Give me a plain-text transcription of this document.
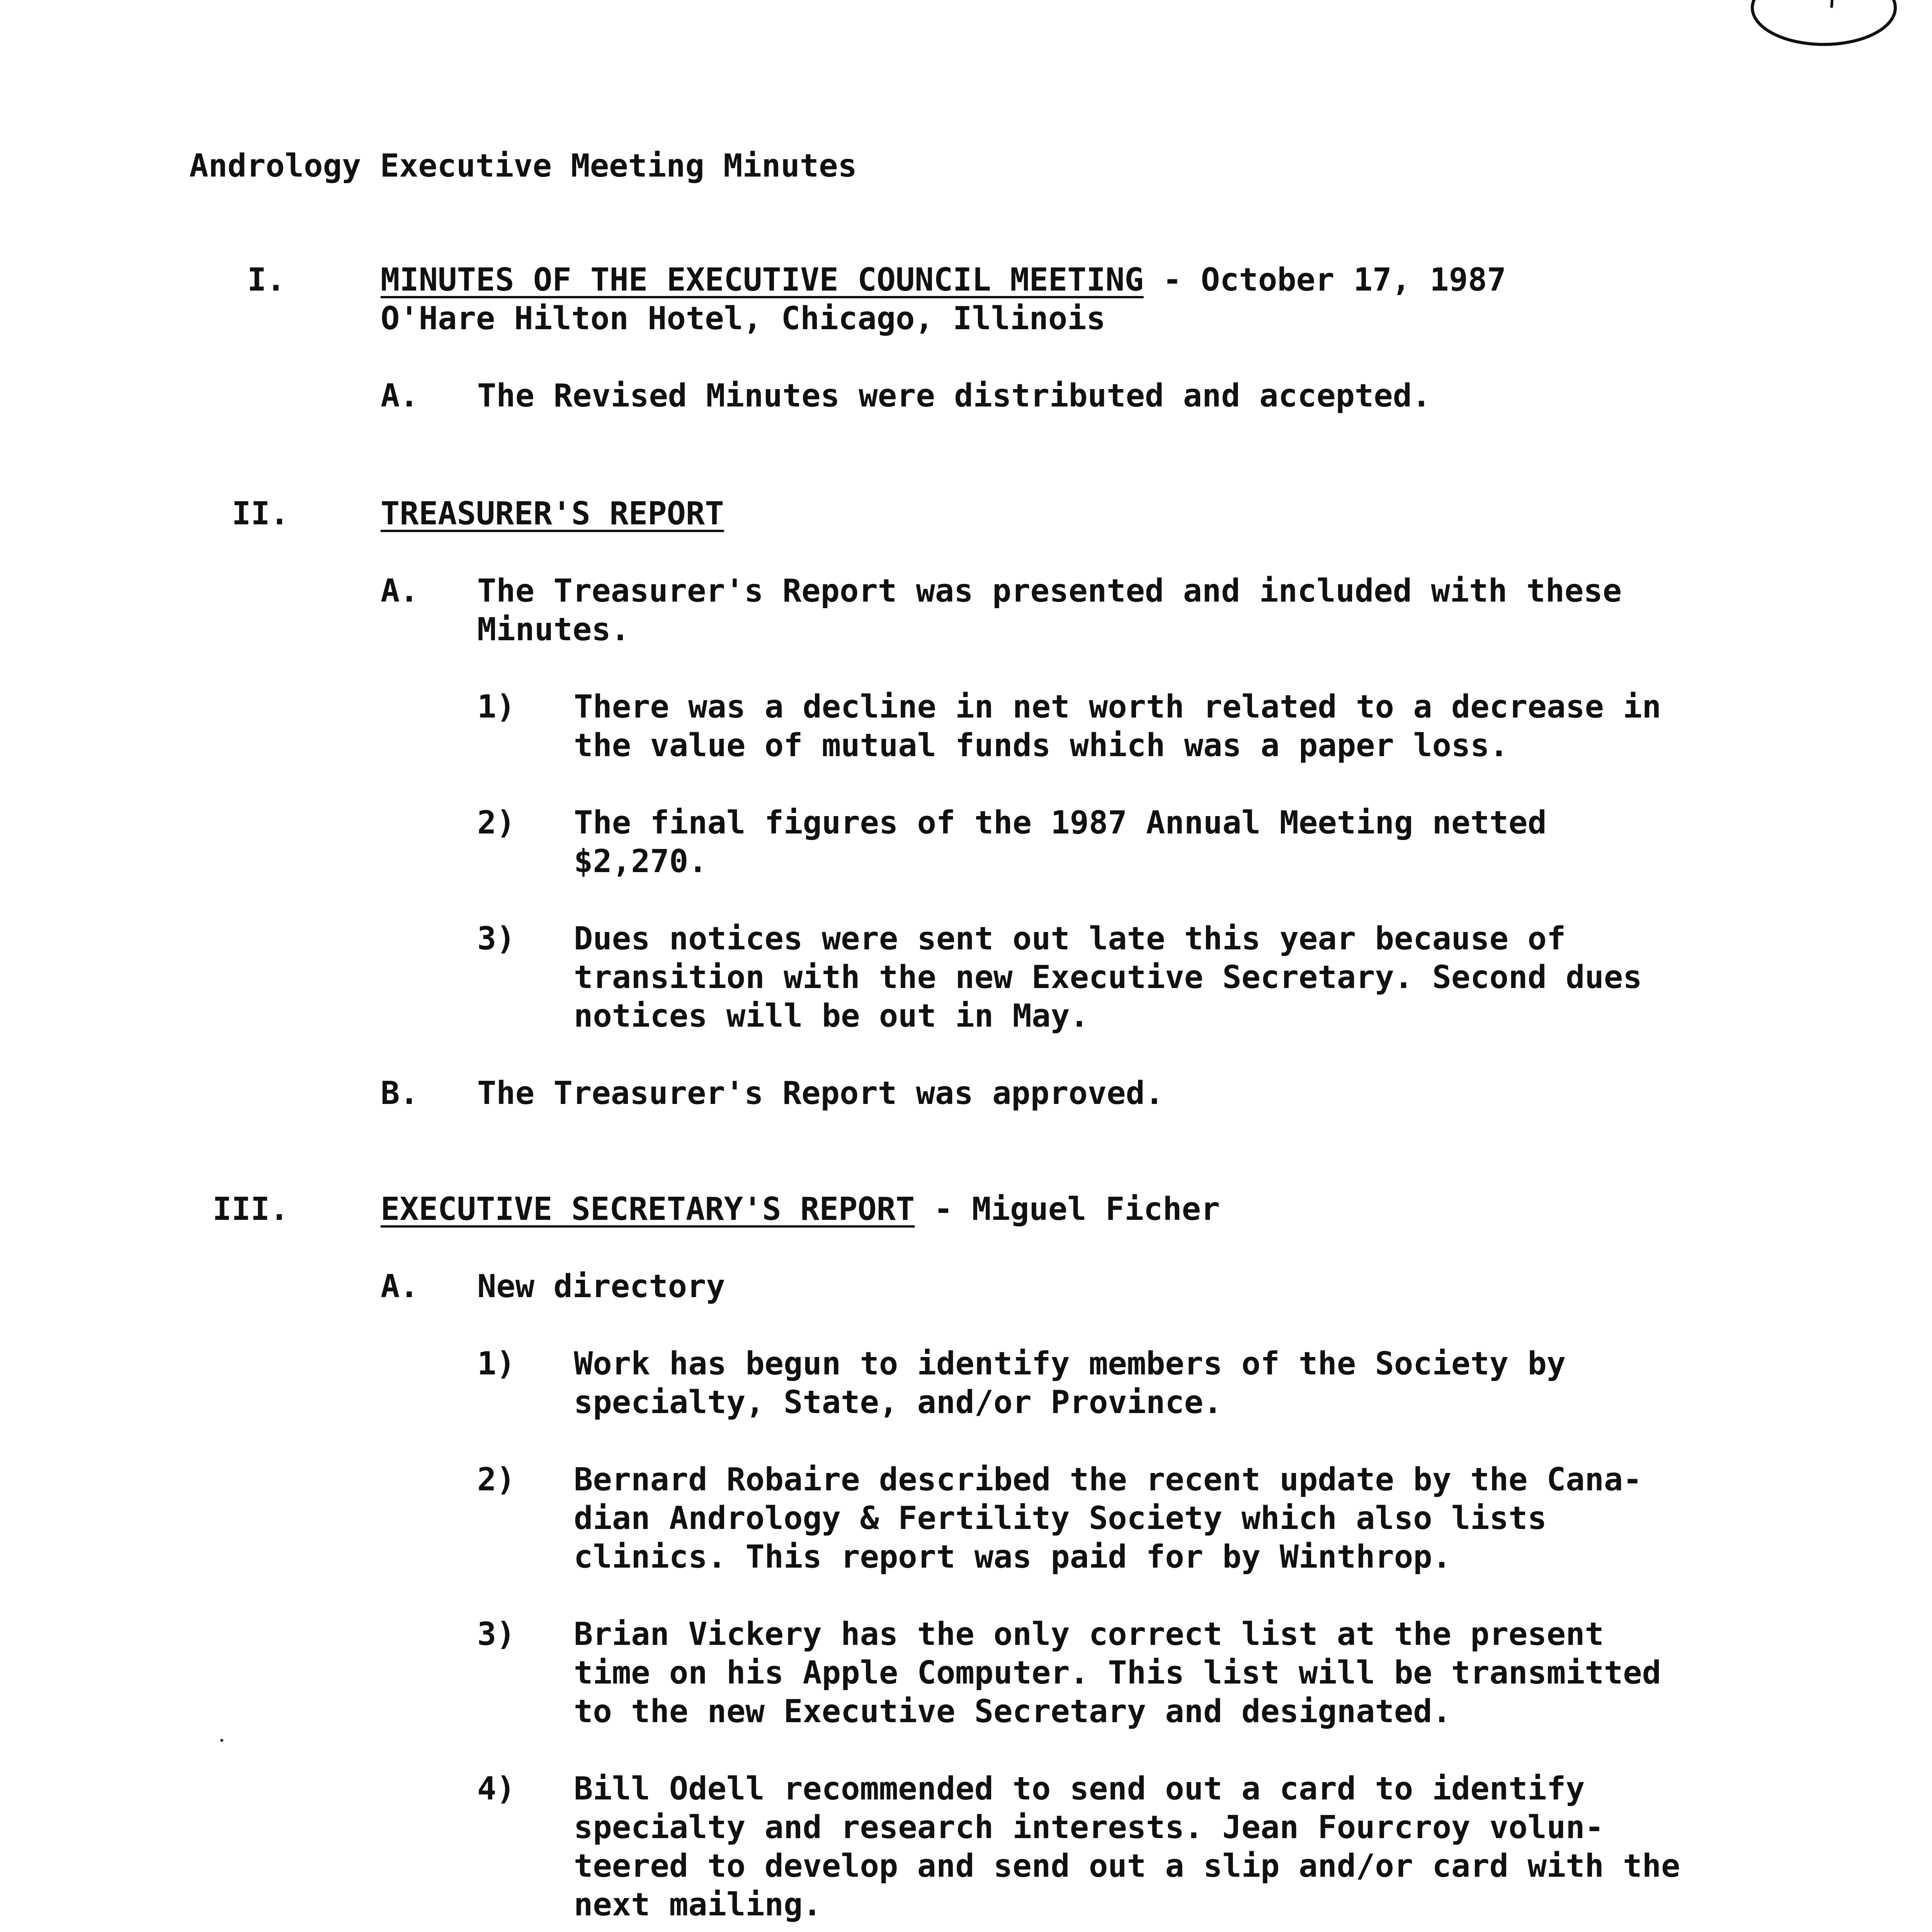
Andrology Executive Meeting Minutes
I.	MINUTES OF THE EXECUTIVE COUNCIL MEETING - October 17, 1987
O'Hare Hilton Hotel, Chicago, Illinois
A. The Revised Minutes were distributed and accepted.
II.	TREASURER'S REPORT
A. The Treasurer's Report was presented and included with these
Minutes.
1) There was a decline in net worth related to a decrease in
the value of mutual funds which was a paper loss.
2) The final figures of the 1987 Annual Meeting netted
$2,270.
3) Dues notices were sent out late this year because of
transition with the new Executive Secretary. Second dues
notices will be out in May.
B. The Treasurer's Report was approved.
III.	EXECUTIVE SECRETARY'S REPORT - Miguel Ficher
A. New directory
1) Work has begun to identify members of the Society by
specialty, State, and/or Province.
2) Bernard Robaire described the recent update by the Cana-
dian Andrology & Fertility Society which also lists
clinics. This report was paid for by Winthrop.
3) Brian Vickery has the only correct list at the present
time on his Apple Computer. This list will be transmitted
to the new Executive Secretary and designated.
4) Bill Odell recommended to send out a card to identify
specialty and research interests. Jean Fourcroy volun-
teered to develop and send out a slip and/or card with the
next mailing.
